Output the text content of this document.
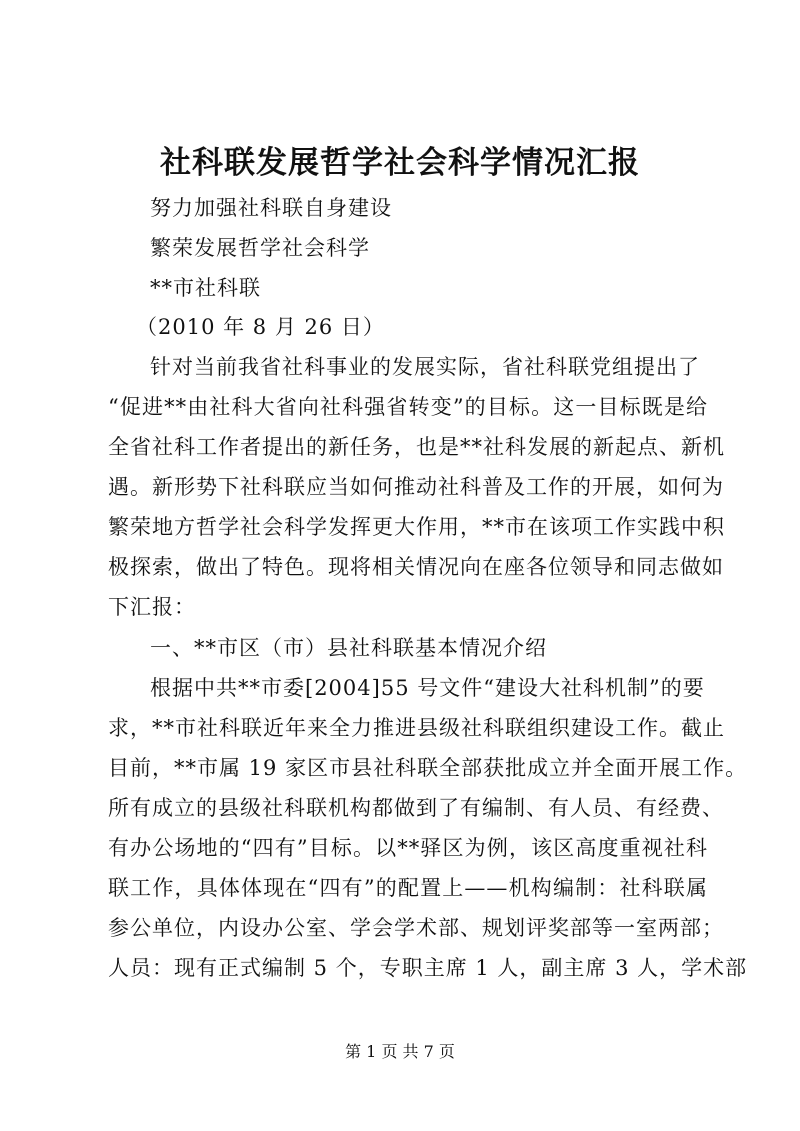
社科联发展哲学社会科学情况汇报

努力加强社科联自身建设

繁荣发展哲学社会科学

**市社科联

（2010 年 8 月 26 日）

针对当前我省社科事业的发展实际，省社科联党组提出了

“促进**由社科大省向社科强省转变”的目标。这一目标既是给

全省社科工作者提出的新任务，也是**社科发展的新起点、新机

遇。新形势下社科联应当如何推动社科普及工作的开展，如何为

繁荣地方哲学社会科学发挥更大作用，**市在该项工作实践中积

极探索，做出了特色。现将相关情况向在座各位领导和同志做如

下汇报：

一、**市区（市）县社科联基本情况介绍

根据中共**市委[2004]55 号文件“建设大社科机制”的要

求，**市社科联近年来全力推进县级社科联组织建设工作。截止

目前，**市属 19 家区市县社科联全部获批成立并全面开展工作。

所有成立的县级社科联机构都做到了有编制、有人员、有经费、

有办公场地的“四有”目标。以**驿区为例，该区高度重视社科

联工作，具体体现在“四有”的配置上——机构编制：社科联属

参公单位，内设办公室、学会学术部、规划评奖部等一室两部；

人员：现有正式编制 5 个，专职主席 1 人，副主席 3 人，学术部

第 1 页 共 7 页
